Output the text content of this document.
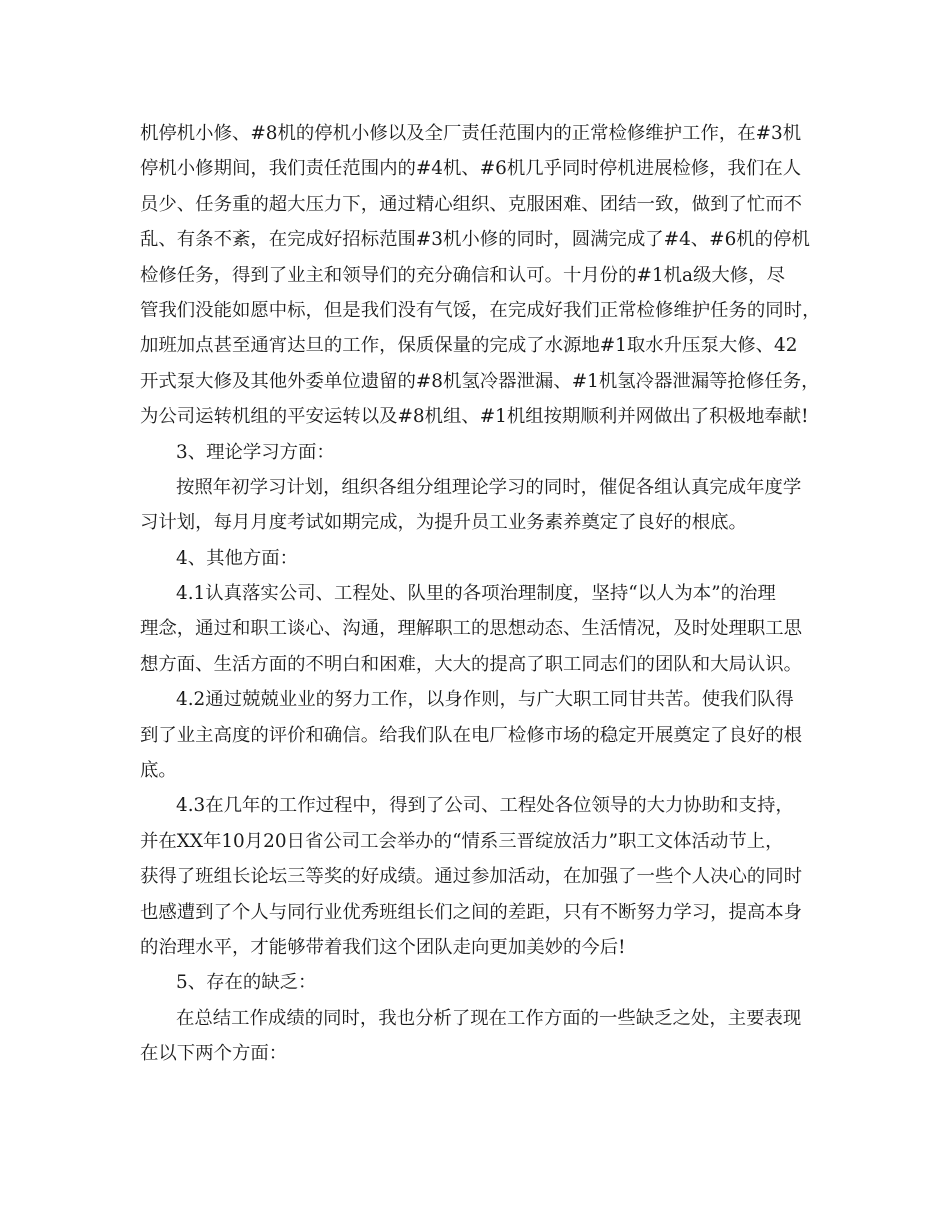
机停机小修、#8机的停机小修以及全厂责任范围内的正常检修维护工作，在#3机
停机小修期间，我们责任范围内的#4机、#6机几乎同时停机进展检修，我们在人
员少、任务重的超大压力下，通过精心组织、克服困难、团结一致，做到了忙而不
乱、有条不紊，在完成好招标范围#3机小修的同时，圆满完成了#4、#6机的停机
检修任务，得到了业主和领导们的充分确信和认可。十月份的#1机a级大修，尽
管我们没能如愿中标，但是我们没有气馁，在完成好我们正常检修维护任务的同时，
加班加点甚至通宵达旦的工作，保质保量的完成了水源地#1取水升压泵大修、42
开式泵大修及其他外委单位遗留的#8机氢冷器泄漏、#1机氢冷器泄漏等抢修任务，
为公司运转机组的平安运转以及#8机组、#1机组按期顺利并网做出了积极地奉献!
3、理论学习方面：
按照年初学习计划，组织各组分组理论学习的同时，催促各组认真完成年度学
习计划，每月月度考试如期完成，为提升员工业务素养奠定了良好的根底。
4、其他方面：
4.1认真落实公司、工程处、队里的各项治理制度，坚持“以人为本”的治理
理念，通过和职工谈心、沟通，理解职工的思想动态、生活情况，及时处理职工思
想方面、生活方面的不明白和困难，大大的提高了职工同志们的团队和大局认识。
4.2通过兢兢业业的努力工作，以身作则，与广大职工同甘共苦。使我们队得
到了业主高度的评价和确信。给我们队在电厂检修市场的稳定开展奠定了良好的根
底。
4.3在几年的工作过程中，得到了公司、工程处各位领导的大力协助和支持，
并在XX年10月20日省公司工会举办的“情系三晋绽放活力”职工文体活动节上，
获得了班组长论坛三等奖的好成绩。通过参加活动，在加强了一些个人决心的同时
也感遭到了个人与同行业优秀班组长们之间的差距，只有不断努力学习，提高本身
的治理水平，才能够带着我们这个团队走向更加美妙的今后!
5、存在的缺乏：
在总结工作成绩的同时，我也分析了现在工作方面的一些缺乏之处，主要表现
在以下两个方面：
